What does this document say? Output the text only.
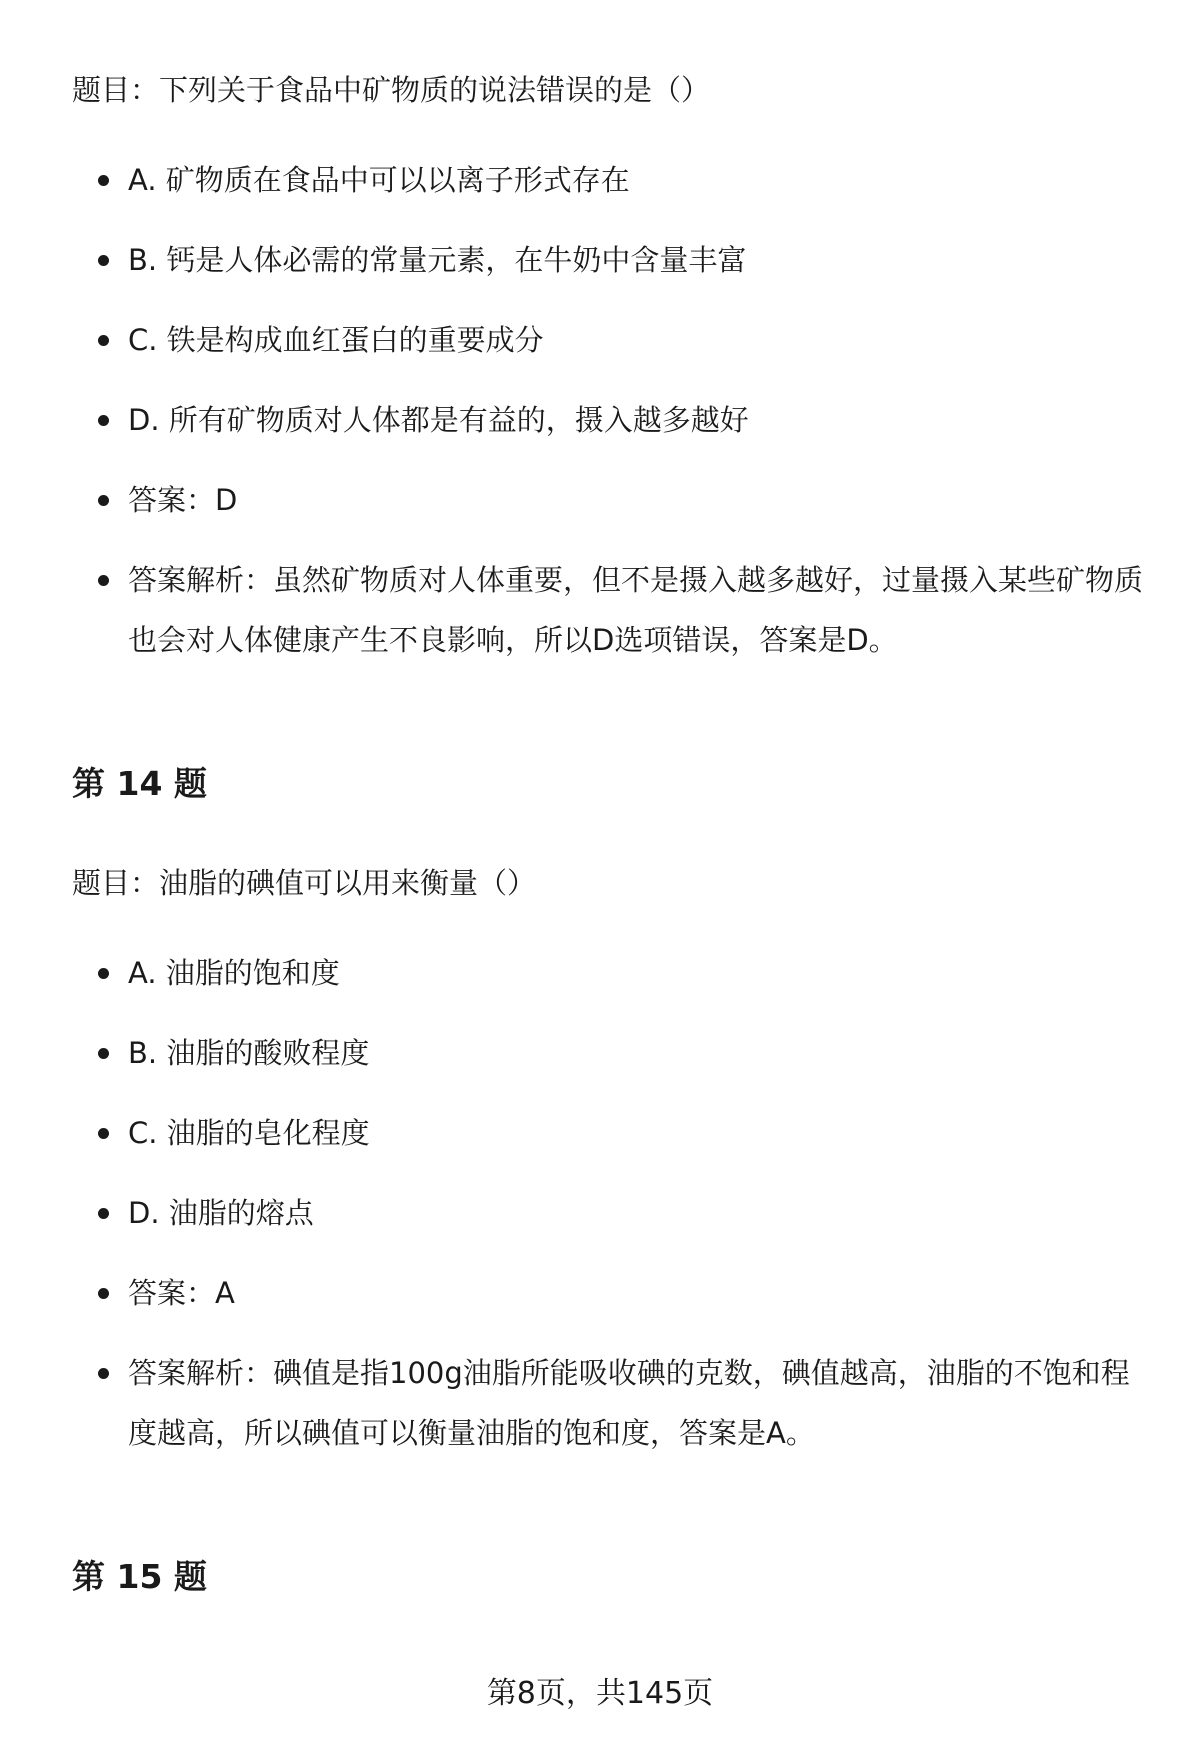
题目：下列关于食品中矿物质的说法错误的是（）
A. 矿物质在食品中可以以离子形式存在
B. 钙是人体必需的常量元素，在牛奶中含量丰富
C. 铁是构成血红蛋白的重要成分
D. 所有矿物质对人体都是有益的，摄入越多越好
答案：D
答案解析：虽然矿物质对人体重要，但不是摄入越多越好，过量摄入某些矿物质也会对人体健康产生不良影响，所以D选项错误，答案是D。
第 14 题
题目：油脂的碘值可以用来衡量（）
A. 油脂的饱和度
B. 油脂的酸败程度
C. 油脂的皂化程度
D. 油脂的熔点
答案：A
答案解析：碘值是指100g油脂所能吸收碘的克数，碘值越高，油脂的不饱和程度越高，所以碘值可以衡量油脂的饱和度，答案是A。
第 15 题
第8页，共145页
